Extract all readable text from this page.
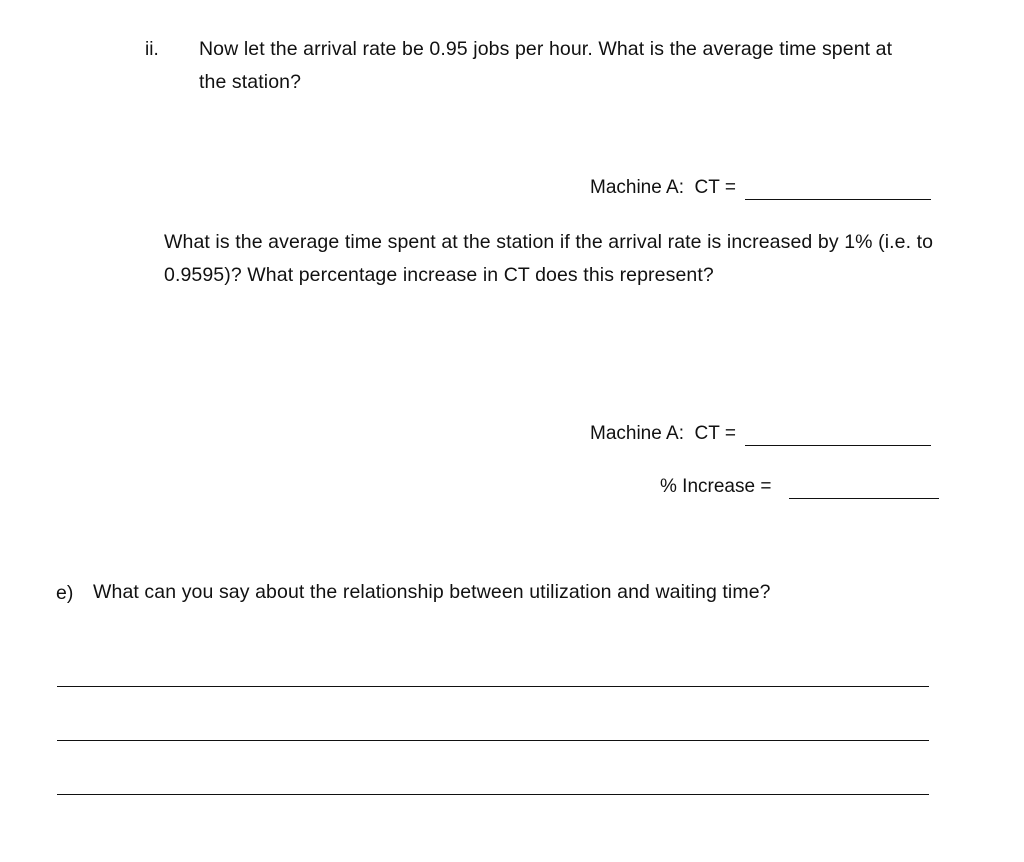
ii. Now let the arrival rate be 0.95 jobs per hour. What is the average time spent at the station?
Machine A:  CT =
What is the average time spent at the station if the arrival rate is increased by 1% (i.e. to 0.9595)? What percentage increase in CT does this represent?
Machine A:  CT =
% Increase =
e) What can you say about the relationship between utilization and waiting time?
